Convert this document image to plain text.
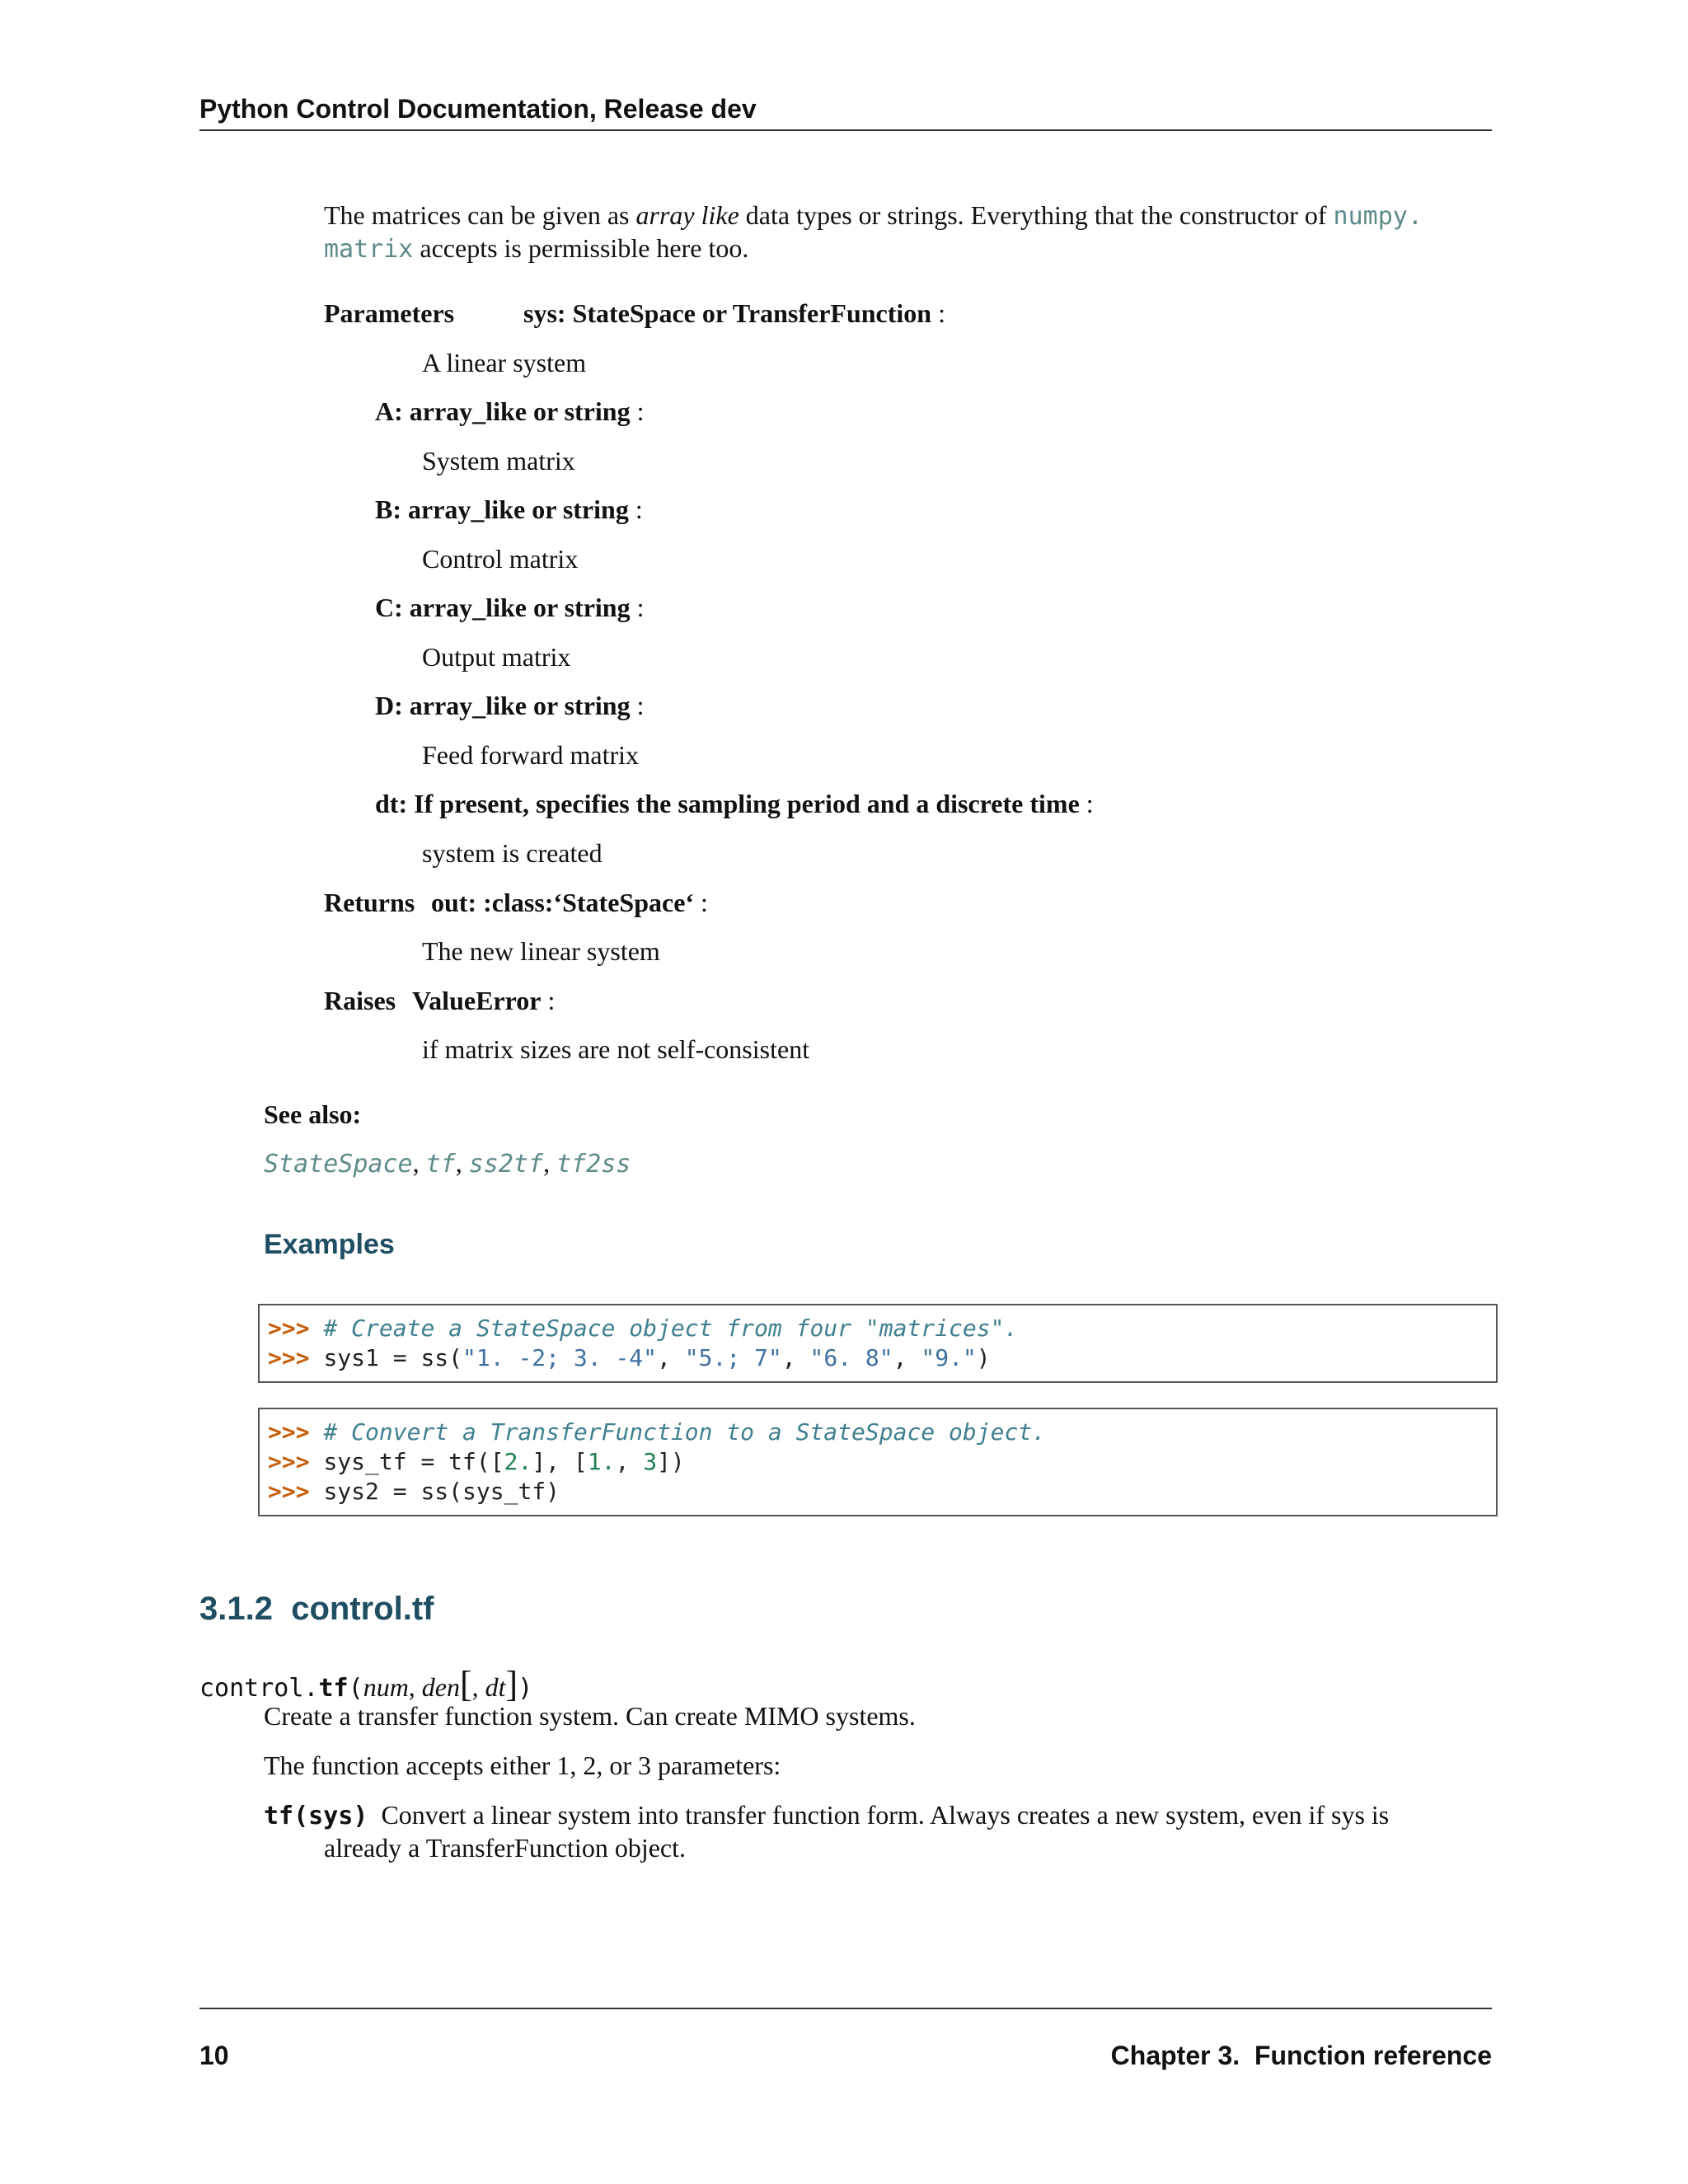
Python Control Documentation, Release dev
The matrices can be given as array like data types or strings. Everything that the constructor of numpy.
matrix accepts is permissible here too.
Parameters	sys: StateSpace or TransferFunction :
A linear system
A: array_like or string :
System matrix
B: array_like or string :
Control matrix
C: array_like or string :
Output matrix
D: array_like or string :
Feed forward matrix
dt: If present, specifies the sampling period and a discrete time :
system is created
Returns out: :class:‘StateSpace‘ :
The new linear system
Raises ValueError :
if matrix sizes are not self-consistent
See also:
StateSpace, tf, ss2tf, tf2ss
Examples
>>> # Create a StateSpace object from four "matrices".
>>> sys1 = ss("1. -2; 3. -4", "5.; 7", "6. 8", "9.")
>>> # Convert a TransferFunction to a StateSpace object.
>>> sys_tf = tf([2.], [1., 3])
>>> sys2 = ss(sys_tf)
3.1.2  control.tf
control.tf(num, den[, dt])
Create a transfer function system. Can create MIMO systems.
The function accepts either 1, 2, or 3 parameters:
tf(sys) Convert a linear system into transfer function form. Always creates a new system, even if sys is
already a TransferFunction object.
10	Chapter 3.  Function reference
